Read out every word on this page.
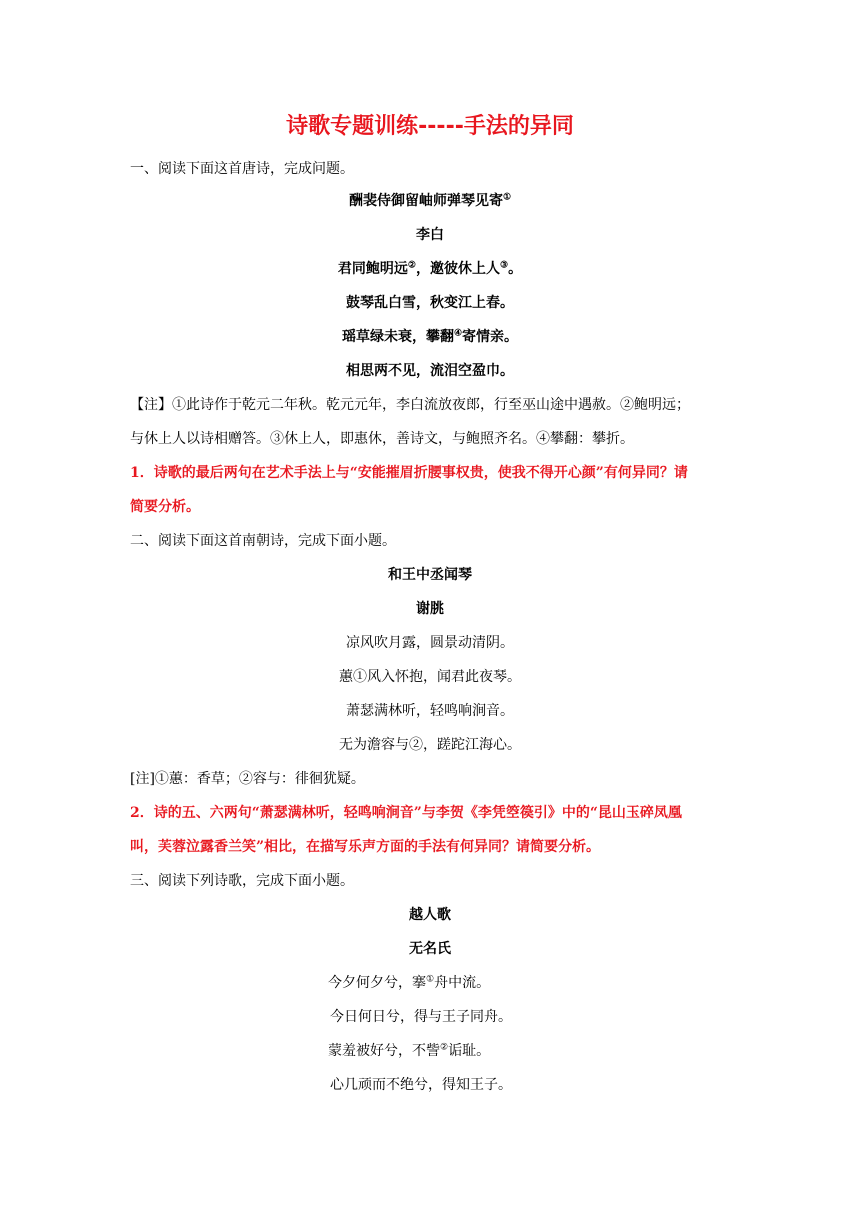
诗歌专题训练-----手法的异同
一、阅读下面这首唐诗，完成问题。
酬裴侍御留岫师弹琴见寄①
李白
君同鲍明远②，邀彼休上人③。
鼓琴乱白雪，秋变江上春。
瑶草绿未衰，攀翻④寄情亲。
相思两不见，流泪空盈巾。
【注】①此诗作于乾元二年秋。乾元元年，李白流放夜郎，行至巫山途中遇赦。②鲍明远；
与休上人以诗相赠答。③休上人，即惠休，善诗文，与鲍照齐名。④攀翻：攀折。
1．诗歌的最后两句在艺术手法上与“安能摧眉折腰事权贵，使我不得开心颜”有何异同？请
简要分析。
二、阅读下面这首南朝诗，完成下面小题。
和王中丞闻琴
谢朓
凉风吹月露，圆景动清阴。
蕙①风入怀抱，闻君此夜琴。
萧瑟满林听，轻鸣响涧音。
无为澹容与②，蹉跎江海心。
[注]①蕙：香草；②容与：徘徊犹疑。
2．诗的五、六两句“萧瑟满林听，轻鸣响涧音”与李贺《李凭箜篌引》中的“昆山玉碎凤凰
叫，芙蓉泣露香兰笑”相比，在描写乐声方面的手法有何异同？请简要分析。
三、阅读下列诗歌，完成下面小题。
越人歌
无名氏
今夕何夕兮，搴①舟中流。
今日何日兮，得与王子同舟。
蒙羞被好兮，不訾②诟耻。
心几顽而不绝兮，得知王子。
